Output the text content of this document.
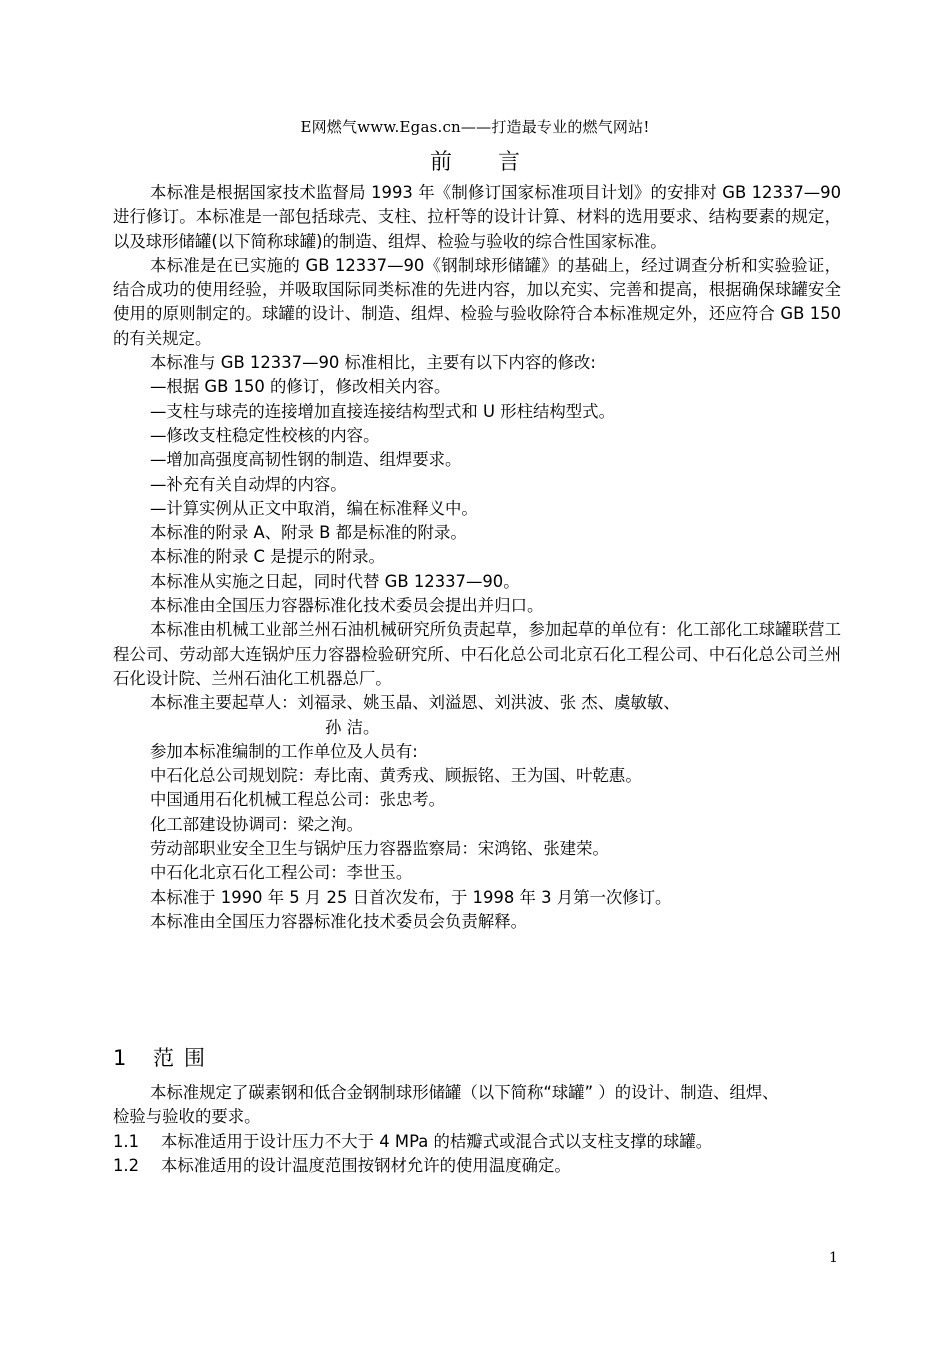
E网燃气www.Egas.cn——打造最专业的燃气网站!
前言

本标准是根据国家技术监督局 1993 年《制修订国家标准项目计划》的安排对 GB 12337—90 进行修订。本标准是一部包括球壳、支柱、拉杆等的设计计算、材料的选用要求、结构要素的规定，以及球形储罐(以下简称球罐)的制造、组焊、检验与验收的综合性国家标准。

本标准是在已实施的 GB 12337—90《钢制球形储罐》的基础上，经过调查分析和实验验证，结合成功的使用经验，并吸取国际同类标准的先进内容，加以充实、完善和提高，根据确保球罐安全使用的原则制定的。球罐的设计、制造、组焊、检验与验收除符合本标准规定外，还应符合 GB 150 的有关规定。

本标准与 GB 12337—90 标准相比，主要有以下内容的修改:

—根据 GB 150 的修订，修改相关内容。

—支柱与球壳的连接增加直接连接结构型式和 U 形柱结构型式。

—修改支柱稳定性校核的内容。

—增加高强度高韧性钢的制造、组焊要求。

—补充有关自动焊的内容。

—计算实例从正文中取消，编在标准释义中。

本标准的附录 A、附录 B 都是标准的附录。

本标准的附录 C 是提示的附录。

本标准从实施之日起，同时代替 GB 12337—90。

本标准由全国压力容器标准化技术委员会提出并归口。

本标准由机械工业部兰州石油机械研究所负责起草，参加起草的单位有：化工部化工球罐联营工程公司、劳动部大连锅炉压力容器检验研究所、中石化总公司北京石化工程公司、中石化总公司兰州石化设计院、兰州石油化工机器总厂。

本标准主要起草人：刘福录、姚玉晶、刘溢恩、刘洪波、张 杰、虞敏敏、

孙 洁。

参加本标准编制的工作单位及人员有:

中石化总公司规划院：寿比南、黄秀戎、顾振铭、王为国、叶乾惠。

中国通用石化机械工程总公司：张忠考。

化工部建设协调司：梁之洵。

劳动部职业安全卫生与锅炉压力容器监察局：宋鸿铭、张建荣。

中石化北京石化工程公司：李世玉。

本标准于 1990 年 5 月 25 日首次发布，于 1998 年 3 月第一次修订。

本标准由全国压力容器标准化技术委员会负责解释。

1 范围

本标准规定了碳素钢和低合金钢制球形储罐（以下简称“球罐” ）的设计、制造、组焊、检验与验收的要求。

1.1 本标准适用于设计压力不大于 4 MPa 的桔瓣式或混合式以支柱支撑的球罐。

1.2 本标准适用的设计温度范围按钢材允许的使用温度确定。

1
